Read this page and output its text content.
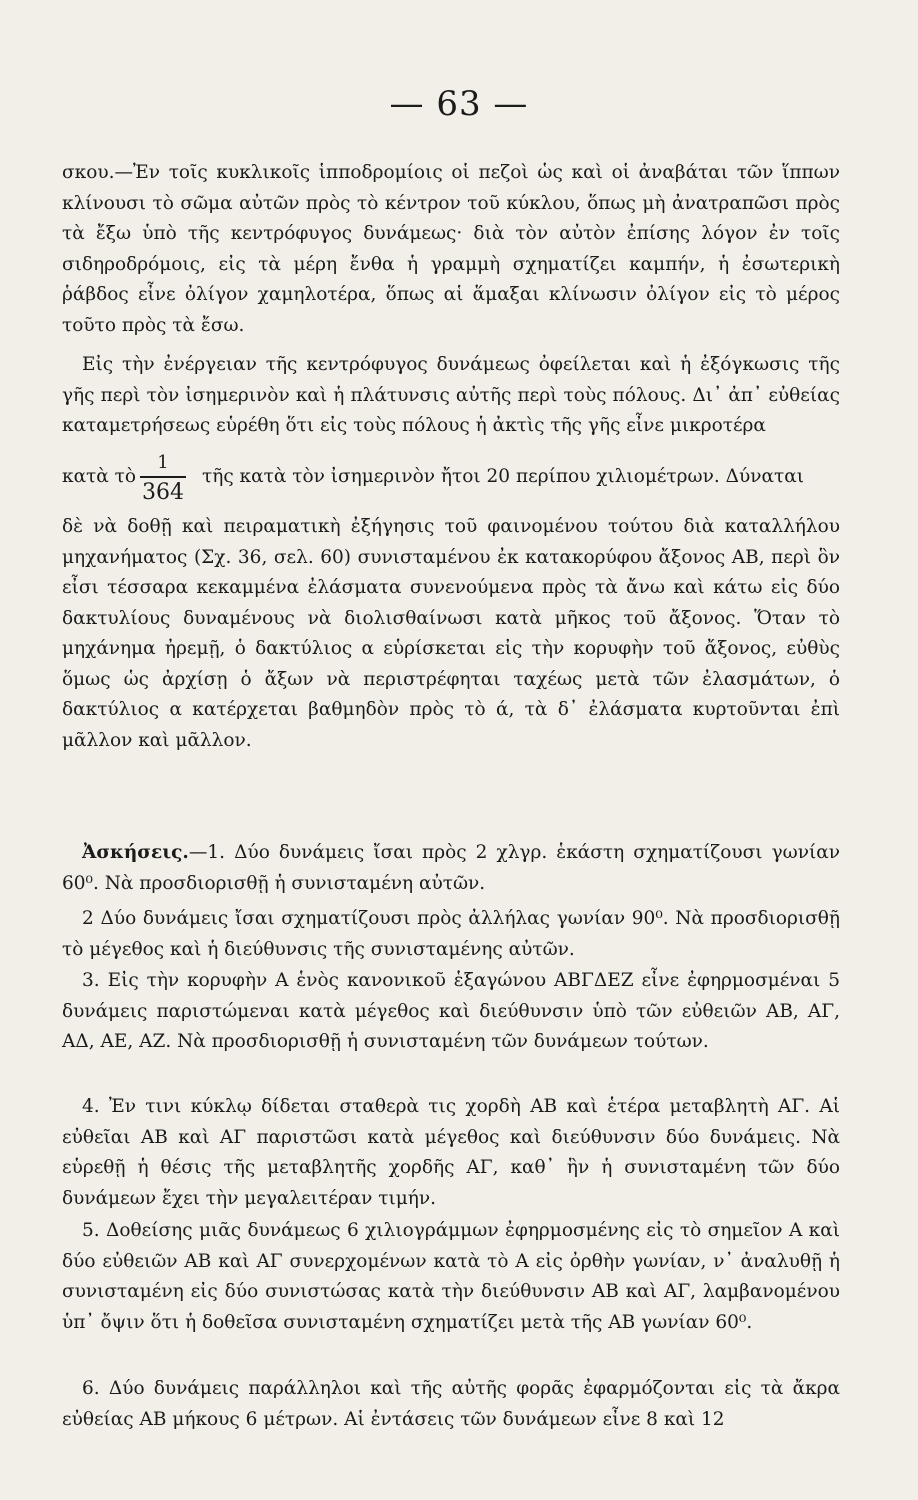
— 63 —

σκου.—Ἐν τοῖς κυκλικοῖς ἱπποδρομίοις οἱ πεζοὶ ὡς καὶ οἱ ἀναβάται τῶν ἵππων κλίνουσι τὸ σῶμα αὐτῶν πρὸς τὸ κέντρον τοῦ κύκλου, ὅπως μὴ ἀνατραπῶσι πρὸς τὰ ἔξω ὑπὸ τῆς κεντρόφυγος δυνάμεως· διὰ τὸν αὐτὸν ἐπίσης λόγον ἐν τοῖς σιδηροδρόμοις, εἰς τὰ μέρη ἔνθα ἡ γραμμὴ σχηματίζει καμπήν, ἡ ἐσωτερικὴ ῥάβδος εἶνε ὀλίγον χαμηλοτέρα, ὅπως αἱ ἅμαξαι κλίνωσιν ὀλίγον εἰς τὸ μέρος τοῦτο πρὸς τὰ ἔσω.

Εἰς τὴν ἐνέργειαν τῆς κεντρόφυγος δυνάμεως ὀφείλεται καὶ ἡ ἐξόγκωσις τῆς γῆς περὶ τὸν ἰσημερινὸν καὶ ἡ πλάτυνσις αὐτῆς περὶ τοὺς πόλους. Δι᾽ ἀπ᾽ εὐθείας καταμετρήσεως εὑρέθη ὅτι εἰς τοὺς πόλους ἡ ἀκτὶς τῆς γῆς εἶνε μικροτέρα

κατὰ τὸ
1
364
τῆς κατὰ τὸν ἰσημερινὸν ἤτοι 20 περίπου χιλιομέτρων. Δύναται

δὲ νὰ δοθῇ καὶ πειραματικὴ ἐξήγησις τοῦ φαινομένου τούτου διὰ καταλλήλου μηχανήματος (Σχ. 36, σελ. 60) συνισταμένου ἐκ κατακορύφου ἄξονος ΑΒ, περὶ ὃν εἶσι τέσσαρα κεκαμμένα ἐλάσματα συνενούμενα πρὸς τὰ ἄνω καὶ κάτω εἰς δύο δακτυλίους δυναμένους νὰ διολισθαίνωσι κατὰ μῆκος τοῦ ἄξονος. Ὅταν τὸ μηχάνημα ἠρεμῇ, ὁ δακτύλιος α εὑρίσκεται εἰς τὴν κορυφὴν τοῦ ἄξονος, εὐθὺς ὅμως ὡς ἀρχίσῃ ὁ ἄξων νὰ περιστρέφηται ταχέως μετὰ τῶν ἐλασμάτων, ὁ δακτύλιος α κατέρχεται βαθμηδὸν πρὸς τὸ ά, τὰ δ᾽ ἐλάσματα κυρτοῦνται ἐπὶ μᾶλλον καὶ μᾶλλον.

Ἀσκήσεις.—1. Δύο δυνάμεις ἴσαι πρὸς 2 χλγρ. ἑκάστη σχηματίζουσι γωνίαν 60⁰. Νὰ προσδιορισθῇ ἡ συνισταμένη αὐτῶν.

2 Δύο δυνάμεις ἴσαι σχηματίζουσι πρὸς ἀλλήλας γωνίαν 90⁰. Νὰ προσδιορισθῇ τὸ μέγεθος καὶ ἡ διεύθυνσις τῆς συνισταμένης αὐτῶν.

3. Εἰς τὴν κορυφὴν Α ἑνὸς κανονικοῦ ἑξαγώνου ΑΒΓΔΕΖ εἶνε ἐφηρμοσμέναι 5 δυνάμεις παριστώμεναι κατὰ μέγεθος καὶ διεύθυνσιν ὑπὸ τῶν εὐθειῶν ΑΒ, ΑΓ, ΑΔ, ΑΕ, ΑΖ. Νὰ προσδιορισθῇ ἡ συνισταμένη τῶν δυνάμεων τούτων.

4. Ἐν τινι κύκλῳ δίδεται σταθερὰ τις χορδὴ ΑΒ καὶ ἑτέρα μεταβλητὴ ΑΓ. Αἱ εὐθεῖαι ΑΒ καὶ ΑΓ παριστῶσι κατὰ μέγεθος καὶ διεύθυνσιν δύο δυνάμεις. Νὰ εὑρεθῇ ἡ θέσις τῆς μεταβλητῆς χορδῆς ΑΓ, καθ᾽ ἣν ἡ συνισταμένη τῶν δύο δυνάμεων ἔχει τὴν μεγαλειτέραν τιμήν.

5. Δοθείσης μιᾶς δυνάμεως 6 χιλιογράμμων ἐφηρμοσμένης εἰς τὸ σημεῖον Α καὶ δύο εὐθειῶν ΑΒ καὶ ΑΓ συνερχομένων κατὰ τὸ Α εἰς ὀρθὴν γωνίαν, ν᾽ ἀναλυθῇ ἡ συνισταμένη εἰς δύο συνιστώσας κατὰ τὴν διεύθυνσιν ΑΒ καὶ ΑΓ, λαμβανομένου ὑπ᾽ ὄψιν ὅτι ἡ δοθεῖσα συνισταμένη σχηματίζει μετὰ τῆς ΑΒ γωνίαν 60⁰.

6. Δύο δυνάμεις παράλληλοι καὶ τῆς αὐτῆς φορᾶς ἐφαρμόζονται εἰς τὰ ἄκρα εὐθείας ΑΒ μήκους 6 μέτρων. Αἱ ἐντάσεις τῶν δυνάμεων εἶνε 8 καὶ 12
